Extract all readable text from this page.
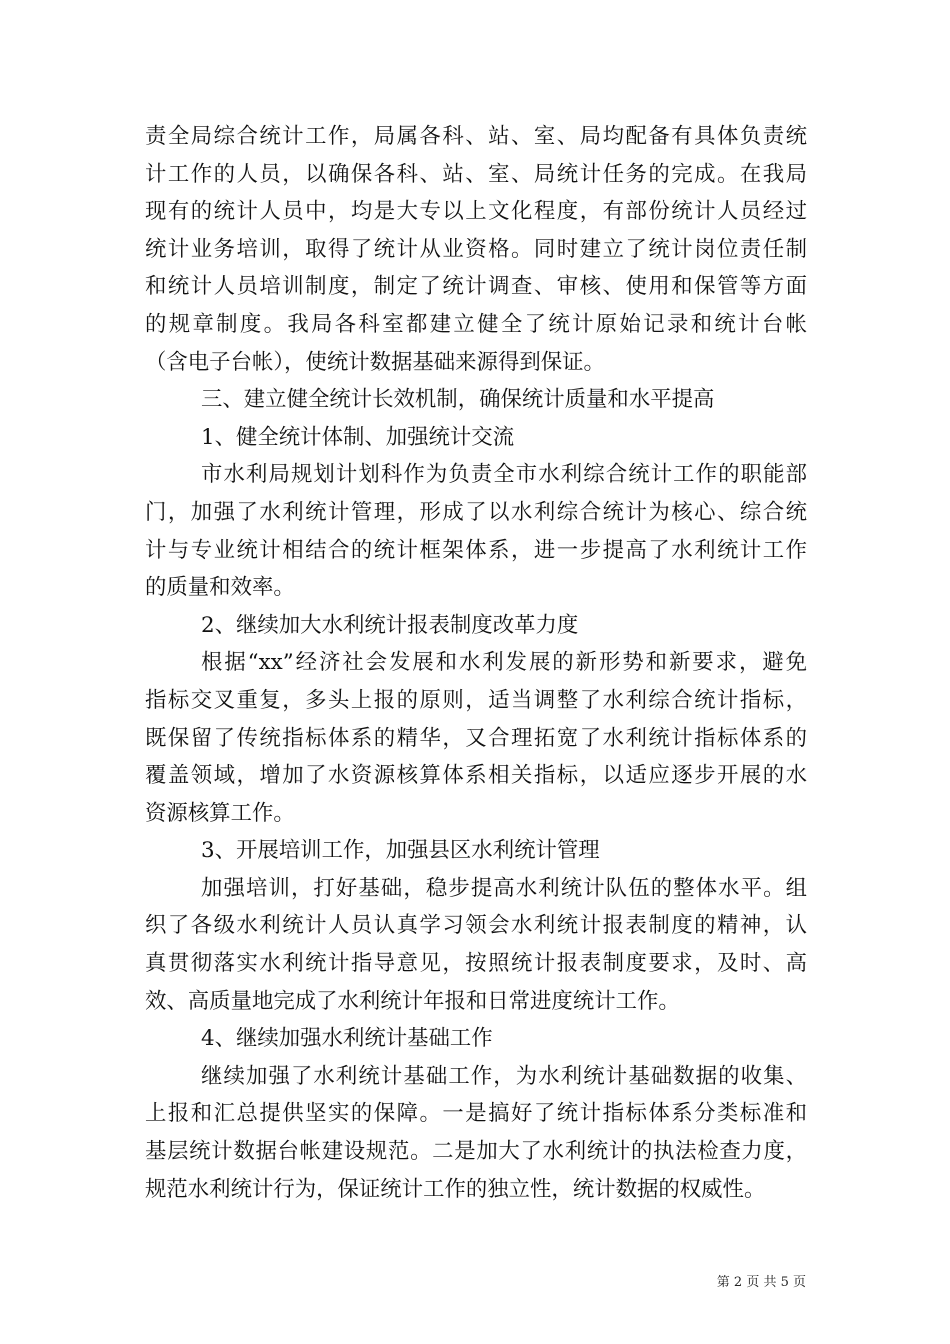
责全局综合统计工作，局属各科、站、室、局均配备有具体负责统
计工作的人员，以确保各科、站、室、局统计任务的完成。在我局
现有的统计人员中，均是大专以上文化程度，有部份统计人员经过
统计业务培训，取得了统计从业资格。同时建立了统计岗位责任制
和统计人员培训制度，制定了统计调查、审核、使用和保管等方面
的规章制度。我局各科室都建立健全了统计原始记录和统计台帐
（含电子台帐），使统计数据基础来源得到保证。
三、建立健全统计长效机制，确保统计质量和水平提高
1、健全统计体制、加强统计交流
市水利局规划计划科作为负责全市水利综合统计工作的职能部
门，加强了水利统计管理，形成了以水利综合统计为核心、综合统
计与专业统计相结合的统计框架体系，进一步提高了水利统计工作
的质量和效率。
2、继续加大水利统计报表制度改革力度
根据“xx”经济社会发展和水利发展的新形势和新要求，避免
指标交叉重复，多头上报的原则，适当调整了水利综合统计指标，
既保留了传统指标体系的精华，又合理拓宽了水利统计指标体系的
覆盖领域，增加了水资源核算体系相关指标，以适应逐步开展的水
资源核算工作。
3、开展培训工作，加强县区水利统计管理
加强培训，打好基础，稳步提高水利统计队伍的整体水平。组
织了各级水利统计人员认真学习领会水利统计报表制度的精神，认
真贯彻落实水利统计指导意见，按照统计报表制度要求，及时、高
效、高质量地完成了水利统计年报和日常进度统计工作。
4、继续加强水利统计基础工作
继续加强了水利统计基础工作，为水利统计基础数据的收集、
上报和汇总提供坚实的保障。一是搞好了统计指标体系分类标准和
基层统计数据台帐建设规范。二是加大了水利统计的执法检查力度，
规范水利统计行为，保证统计工作的独立性，统计数据的权威性。
第 2 页 共 5 页
